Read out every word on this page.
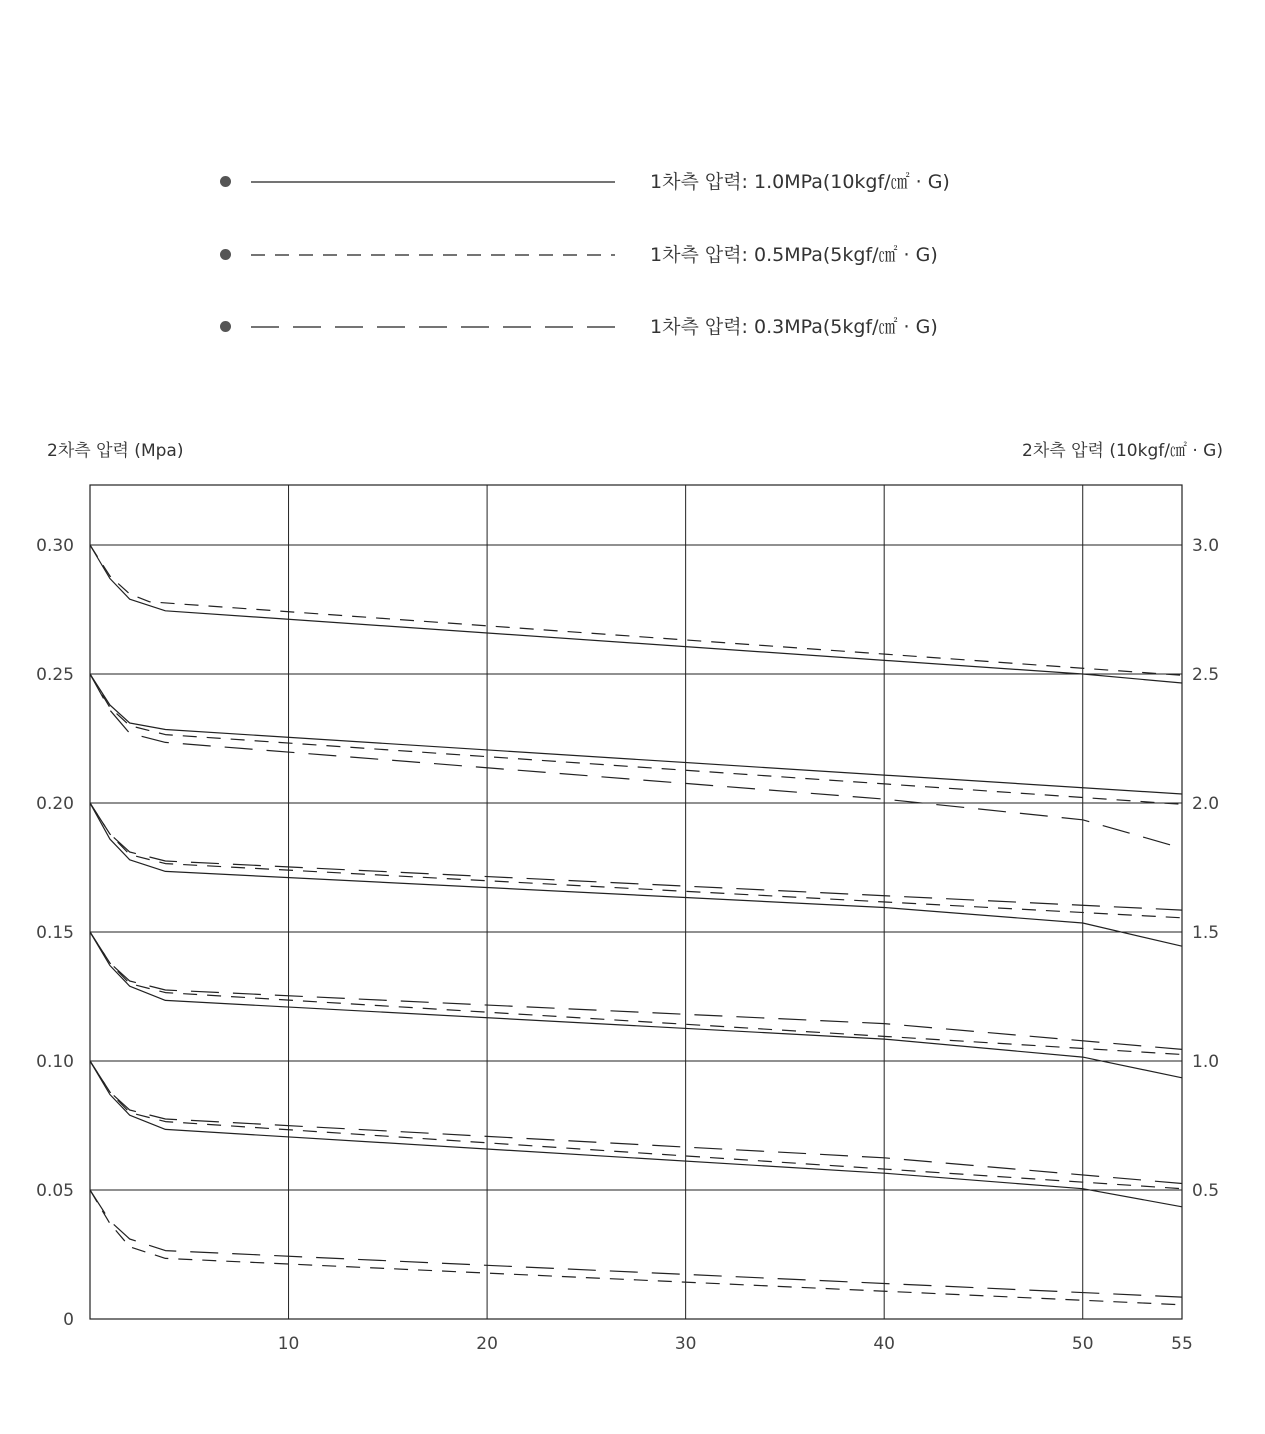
1차측 압력: 1.0MPa(10kgf/㎠ · G)
1차측 압력: 0.5MPa(5kgf/㎠ · G)
1차측 압력: 0.3MPa(5kgf/㎠ · G)
2차측 압력 (Mpa)	2차측 압력 (10kgf/㎠ · G)
10	20	30	40	50	55
0
0.05
0.10
0.15
0.20
0.25
0.30
0.5
1.0
1.5
2.0
2.5
3.0
